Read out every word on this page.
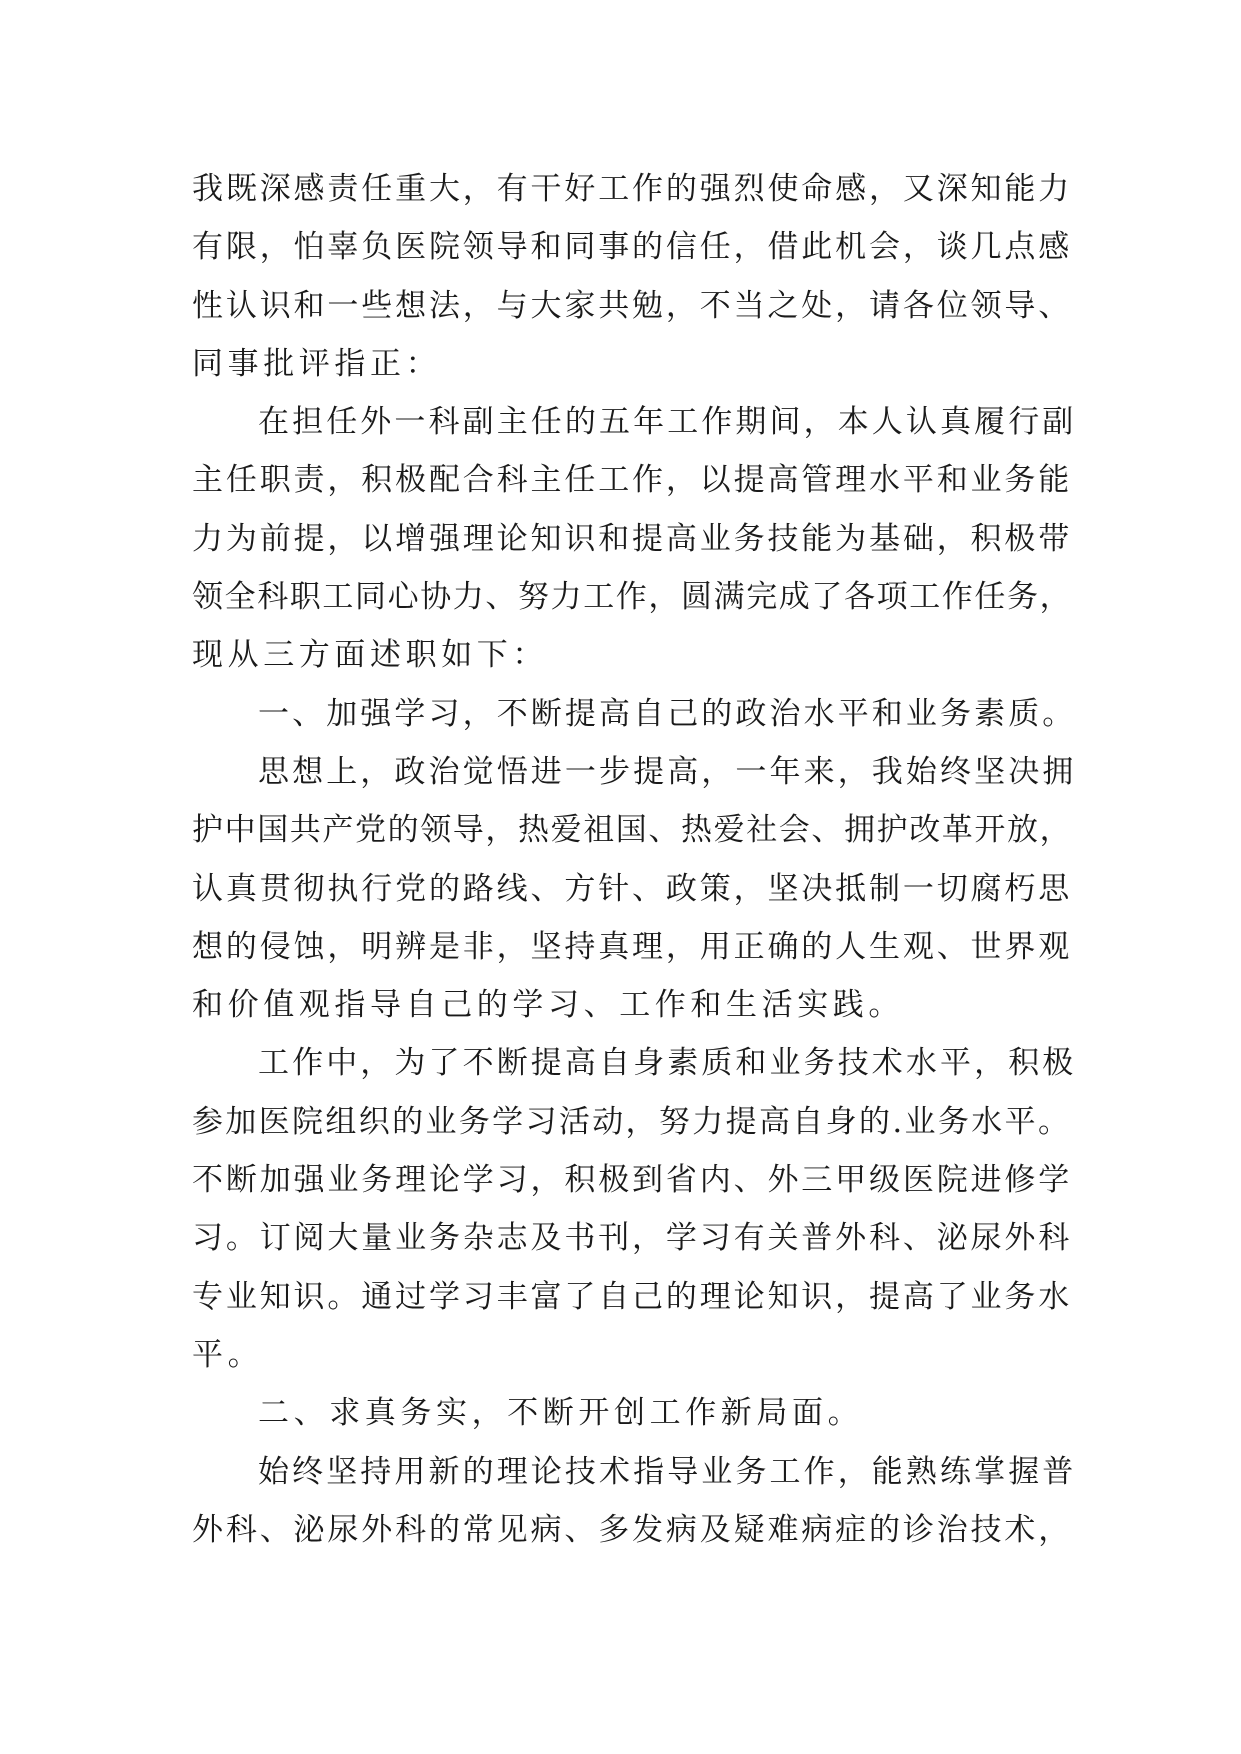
我既深感责任重大，有干好工作的强烈使命感，又深知能力
有限，怕辜负医院领导和同事的信任，借此机会，谈几点感
性认识和一些想法，与大家共勉，不当之处，请各位领导、
同事批评指正：
在担任外一科副主任的五年工作期间，本人认真履行副
主任职责，积极配合科主任工作，以提高管理水平和业务能
力为前提，以增强理论知识和提高业务技能为基础，积极带
领全科职工同心协力、努力工作，圆满完成了各项工作任务，
现从三方面述职如下：
一、加强学习，不断提高自己的政治水平和业务素质。
思想上，政治觉悟进一步提高，一年来，我始终坚决拥
护中国共产党的领导，热爱祖国、热爱社会、拥护改革开放，
认真贯彻执行党的路线、方针、政策，坚决抵制一切腐朽思
想的侵蚀，明辨是非，坚持真理，用正确的人生观、世界观
和价值观指导自己的学习、工作和生活实践。
工作中，为了不断提高自身素质和业务技术水平，积极
参加医院组织的业务学习活动，努力提高自身的.业务水平。
不断加强业务理论学习，积极到省内、外三甲级医院进修学
习。订阅大量业务杂志及书刊，学习有关普外科、泌尿外科
专业知识。通过学习丰富了自己的理论知识，提高了业务水
平。
二、求真务实，不断开创工作新局面。
始终坚持用新的理论技术指导业务工作，能熟练掌握普
外科、泌尿外科的常见病、多发病及疑难病症的诊治技术，
